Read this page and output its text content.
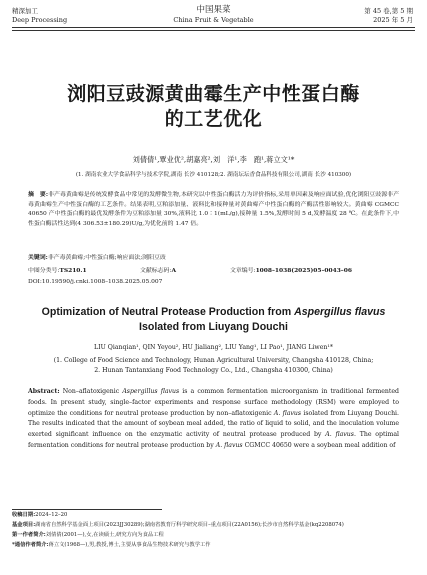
精深加工
Deep Processing
中国果菜
China Fruit & Vegetable
第 45 卷,第 5 期
2025 年 5 月
浏阳豆豉源黄曲霉生产中性蛋白酶
的工艺优化
刘倩倩¹,覃业优²,胡嘉亮²,刘　洋¹,李　跑¹,蒋立文¹*
(1. 湖南农业大学食品科学与技术学院,湖南 长沙 410128;2. 湖南坛坛香食品科技有限公司,湖南 长沙 410300)
摘　要:非产毒黄曲霉是传统发酵食品中常见的发酵微生物,本研究以中性蛋白酶活力为评价指标,采用单因素及响应面试验,优化浏阳豆豉源非产毒黄曲霉生产中性蛋白酶的工艺条件。结果表明,豆粕添加量、液料比和接种量对黄曲霉产中性蛋白酶的产酶活性影响较大。黄曲霉 CGMCC 40650 产中性蛋白酶的最优发酵条件为豆粕添加量 30%,液料比 1.0∶1(mL/g),接种量 1.5%,发酵时间 5 d,发酵温度 28 ℃。在此条件下,中性蛋白酶活性达到(4 306.53±180.29)U/g,为优化前的 1.47 倍。
关键词:非产毒黄曲霉;中性蛋白酶;响应面法;浏阳豆豉
中图分类号:TS210.1	文献标志码:A	文章编号:1008–1038(2025)05–0043–06
DOI:10.19590/j.cnki.1008–1038.2025.05.007
Optimization of Neutral Protease Production from Aspergillus flavus
Isolated from Liuyang Douchi
LIU Qianqian¹, QIN Yeyou², HU Jialiang², LIU Yang¹, LI Pao¹, JIANG Liwen¹*
(1. College of Food Science and Technology, Hunan Agricultural University, Changsha 410128, China; 2. Hunan Tantanxiang Food Technology Co., Ltd., Changsha 410300, China)
Abstract: Non–aflatoxigenic Aspergillus flavus is a common fermentation microorganism in traditional fermented foods. In present study, single–factor experiments and response surface methodology (RSM) were employed to optimize the conditions for neutral protease production by non–aflatoxigenic A. flavus isolated from Liuyang Douchi. The results indicated that the amount of soybean meal added, the ratio of liquid to solid, and the inoculation volume exerted significant influence on the enzymatic activity of neutral protease produced by A. flavus. The optimal fermentation conditions for neutral protease production by A. flavus CGMCC 40650 were a soybean meal addition of
收稿日期:2024–12–20
基金项目:湖南省自然科学基金面上项目(2023JJ30289);湖南省教育厅科学研究项目–重点项目(22A0156);长沙市自然科学基金(kq2208074)
第一作者简介:刘倩倩(2001—),女,在读硕士,研究方向为食品工程
*通信作者简介:蒋立文(1968—),男,教授,博士,主要从事食品生物技术研究与教学工作
